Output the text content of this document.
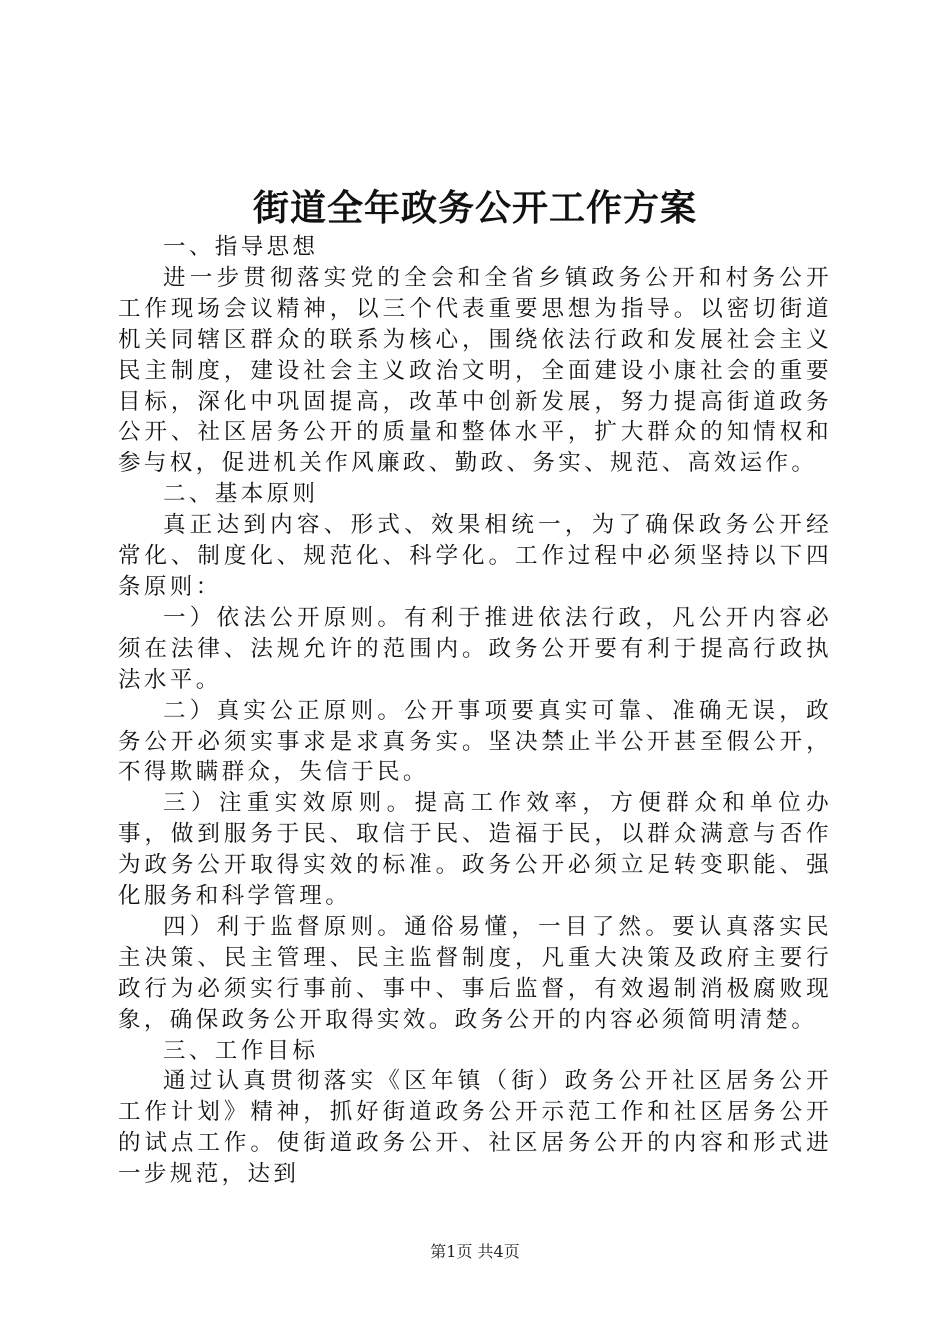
街道全年政务公开工作方案

一、指导思想

进一步贯彻落实党的全会和全省乡镇政务公开和村务公开工作现场会议精神，以三个代表重要思想为指导。以密切街道机关同辖区群众的联系为核心，围绕依法行政和发展社会主义民主制度，建设社会主义政治文明，全面建设小康社会的重要目标，深化中巩固提高，改革中创新发展，努力提高街道政务公开、社区居务公开的质量和整体水平，扩大群众的知情权和参与权，促进机关作风廉政、勤政、务实、规范、高效运作。

二、基本原则

真正达到内容、形式、效果相统一，为了确保政务公开经常化、制度化、规范化、科学化。工作过程中必须坚持以下四条原则：

一）依法公开原则。有利于推进依法行政，凡公开内容必须在法律、法规允许的范围内。政务公开要有利于提高行政执法水平。

二）真实公正原则。公开事项要真实可靠、准确无误，政务公开必须实事求是求真务实。坚决禁止半公开甚至假公开，不得欺瞒群众，失信于民。

三）注重实效原则。提高工作效率，方便群众和单位办事，做到服务于民、取信于民、造福于民，以群众满意与否作为政务公开取得实效的标准。政务公开必须立足转变职能、强化服务和科学管理。

四）利于监督原则。通俗易懂，一目了然。要认真落实民主决策、民主管理、民主监督制度，凡重大决策及政府主要行政行为必须实行事前、事中、事后监督，有效遏制消极腐败现象，确保政务公开取得实效。政务公开的内容必须简明清楚。

三、工作目标

通过认真贯彻落实《区年镇（街）政务公开社区居务公开工作计划》精神，抓好街道政务公开示范工作和社区居务公开的试点工作。使街道政务公开、社区居务公开的内容和形式进一步规范，达到

第1页 共4页
